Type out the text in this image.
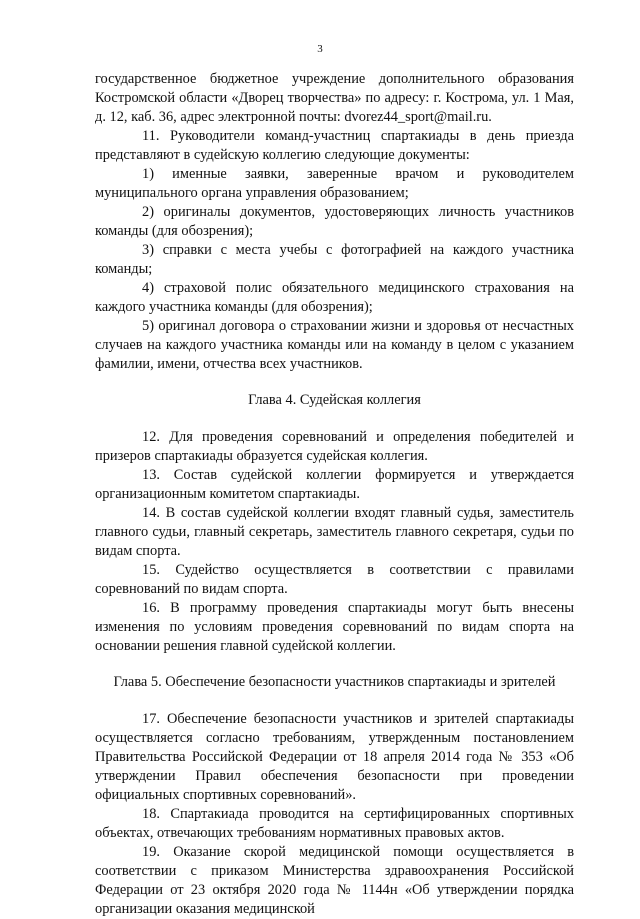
3

государственное бюджетное учреждение дополнительного образования Костромской области «Дворец творчества» по адресу: г. Кострома, ул. 1 Мая, д. 12, каб. 36, адрес электронной почты: dvorez44_sport@mail.ru.

11. Руководители команд-участниц спартакиады в день приезда представляют в судейскую коллегию следующие документы:

1) именные заявки, заверенные врачом и руководителем муниципального органа управления образованием;

2) оригиналы документов, удостоверяющих личность участников команды (для обозрения);

3) справки с места учебы с фотографией на каждого участника команды;

4) страховой полис обязательного медицинского страхования на каждого участника команды (для обозрения);

5) оригинал договора о страховании жизни и здоровья от несчастных случаев на каждого участника команды или на команду в целом с указанием фамилии, имени, отчества всех участников.

Глава 4. Судейская коллегия

12. Для проведения соревнований и определения победителей и призеров спартакиады образуется судейская коллегия.

13. Состав судейской коллегии формируется и утверждается организационным комитетом спартакиады.

14. В состав судейской коллегии входят главный судья, заместитель главного судьи, главный секретарь, заместитель главного секретаря, судьи по видам спорта.

15. Судейство осуществляется в соответствии с правилами соревнований по видам спорта.

16. В программу проведения спартакиады могут быть внесены изменения по условиям проведения соревнований по видам спорта на основании решения главной судейской коллегии.

Глава 5. Обеспечение безопасности участников спартакиады и зрителей

17. Обеспечение безопасности участников и зрителей спартакиады осуществляется согласно требованиям, утвержденным постановлением Правительства Российской Федерации от 18 апреля 2014 года № 353 «Об утверждении Правил обеспечения безопасности при проведении официальных спортивных соревнований».

18. Спартакиада проводится на сертифицированных спортивных объектах, отвечающих требованиям нормативных правовых актов.

19. Оказание скорой медицинской помощи осуществляется в соответствии с приказом Министерства здравоохранения Российской Федерации от 23 октября 2020 года № 1144н «Об утверждении порядка организации оказания медицинской
